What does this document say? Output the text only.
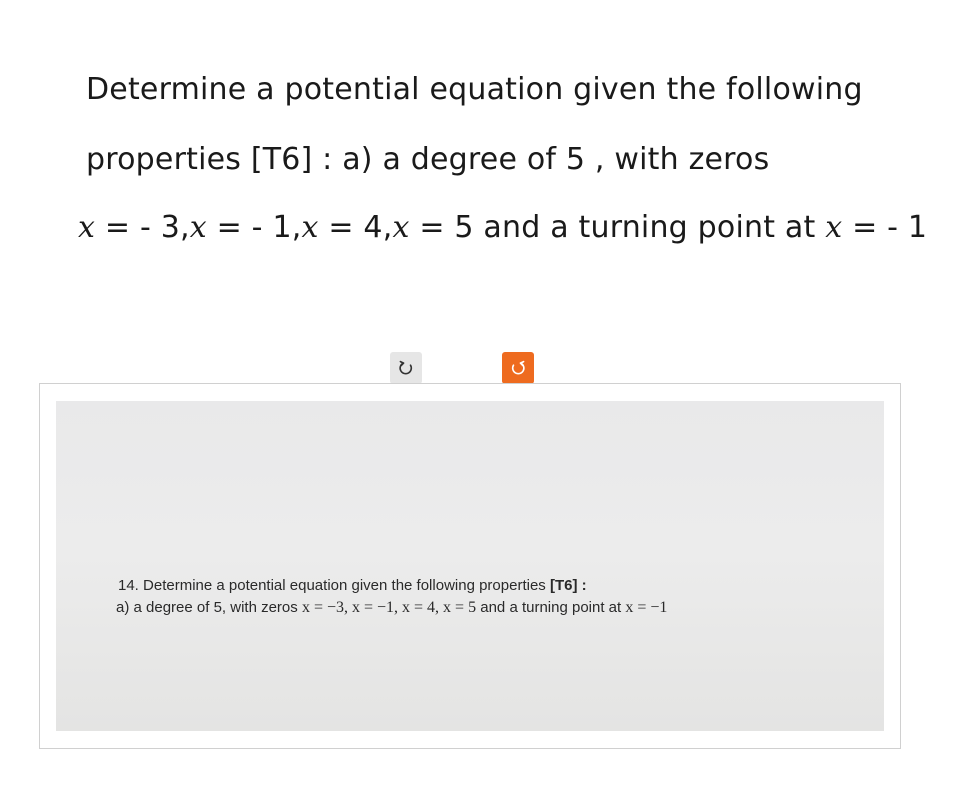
Determine a potential equation given the following
properties [T6] : a) a degree of 5 , with zeros
x = - 3,x = - 1,x = 4,x = 5 and a turning point at x = - 1
14. Determine a potential equation given the following properties [T6] :
a) a degree of 5, with zeros x = −3, x = −1, x = 4, x = 5 and a turning point at x = −1
